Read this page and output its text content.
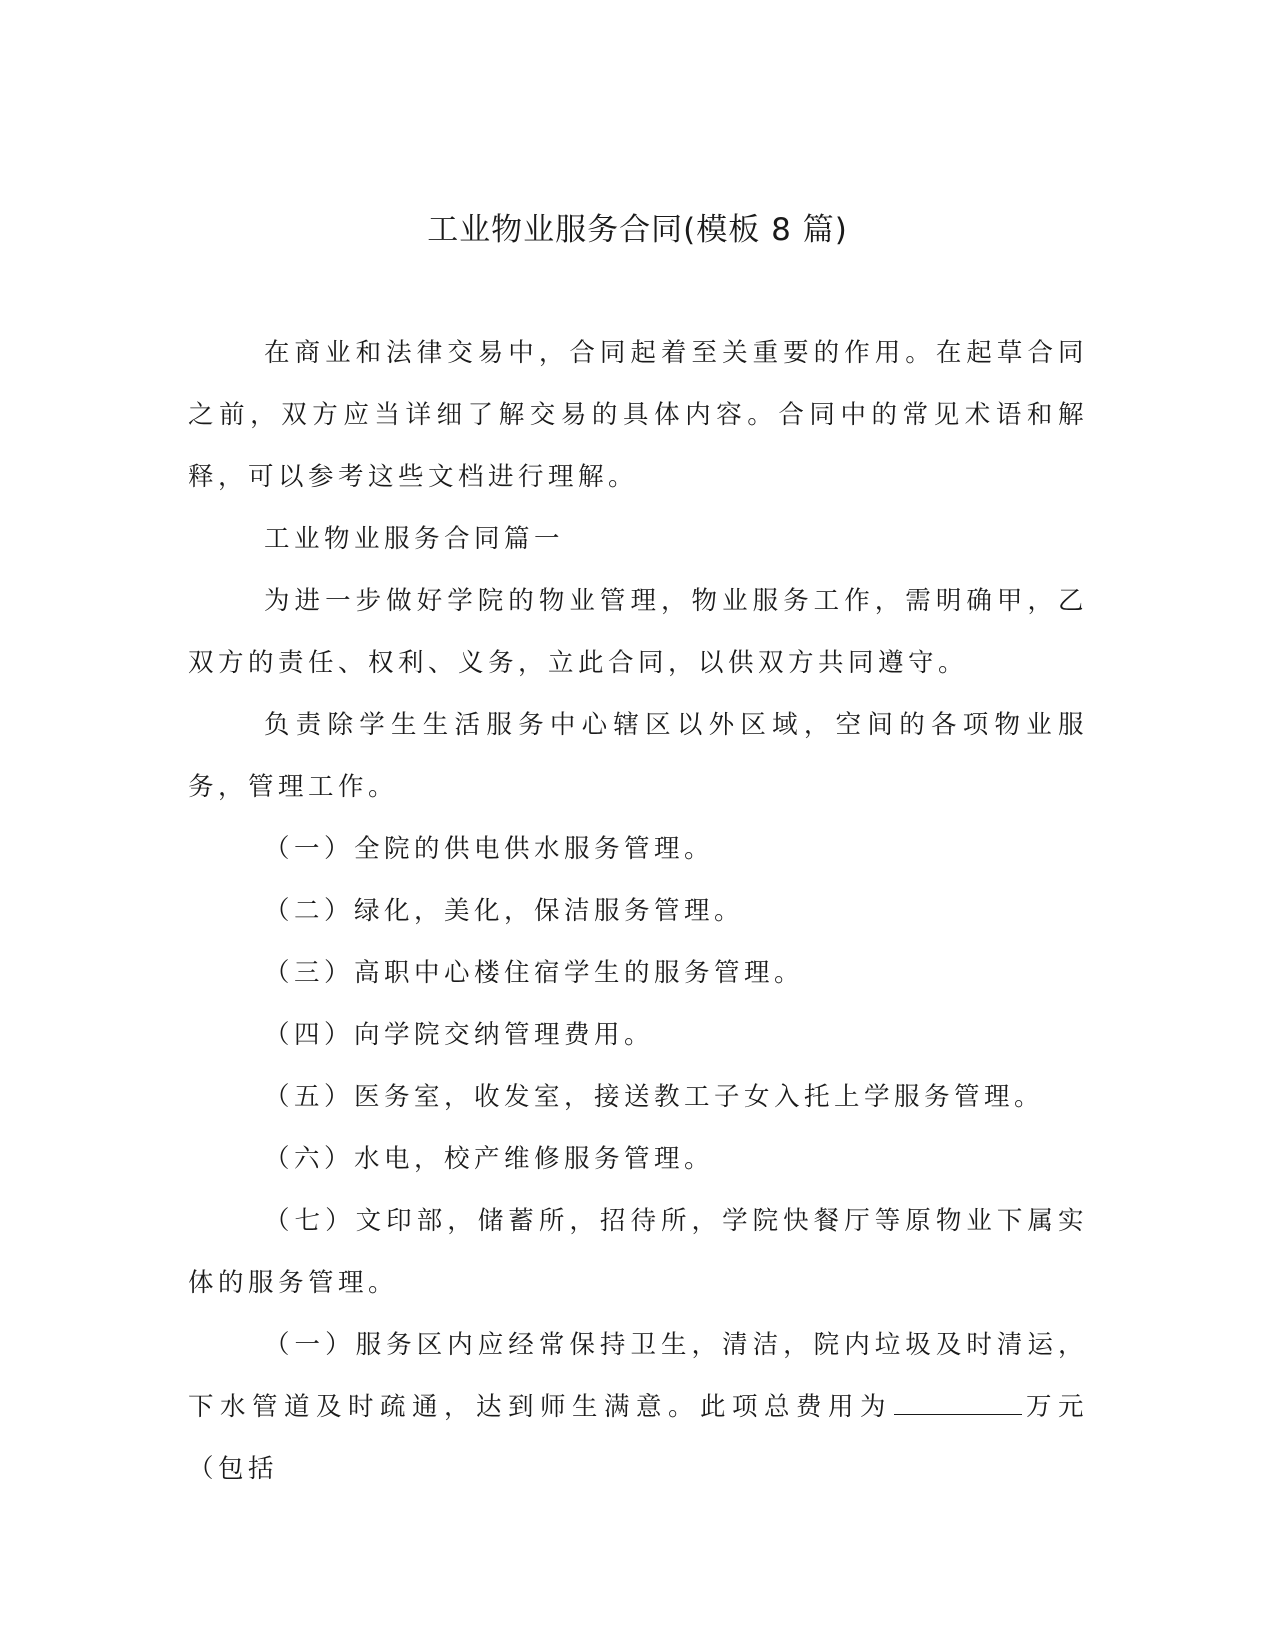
工业物业服务合同(模板 8 篇)

在商业和法律交易中，合同起着至关重要的作用。在起草合同之前，双方应当详细了解交易的具体内容。合同中的常见术语和解释，可以参考这些文档进行理解。

工业物业服务合同篇一

为进一步做好学院的物业管理，物业服务工作，需明确甲，乙双方的责任、权利、义务，立此合同，以供双方共同遵守。

负责除学生生活服务中心辖区以外区域，空间的各项物业服务，管理工作。

（一）全院的供电供水服务管理。

（二）绿化，美化，保洁服务管理。

（三）高职中心楼住宿学生的服务管理。

（四）向学院交纳管理费用。

（五）医务室，收发室，接送教工子女入托上学服务管理。

（六）水电，校产维修服务管理。

（七）文印部，储蓄所，招待所，学院快餐厅等原物业下属实体的服务管理。

（一）服务区内应经常保持卫生，清洁，院内垃圾及时清运，下水管道及时疏通，达到师生满意。此项总费用为	万元（包括
